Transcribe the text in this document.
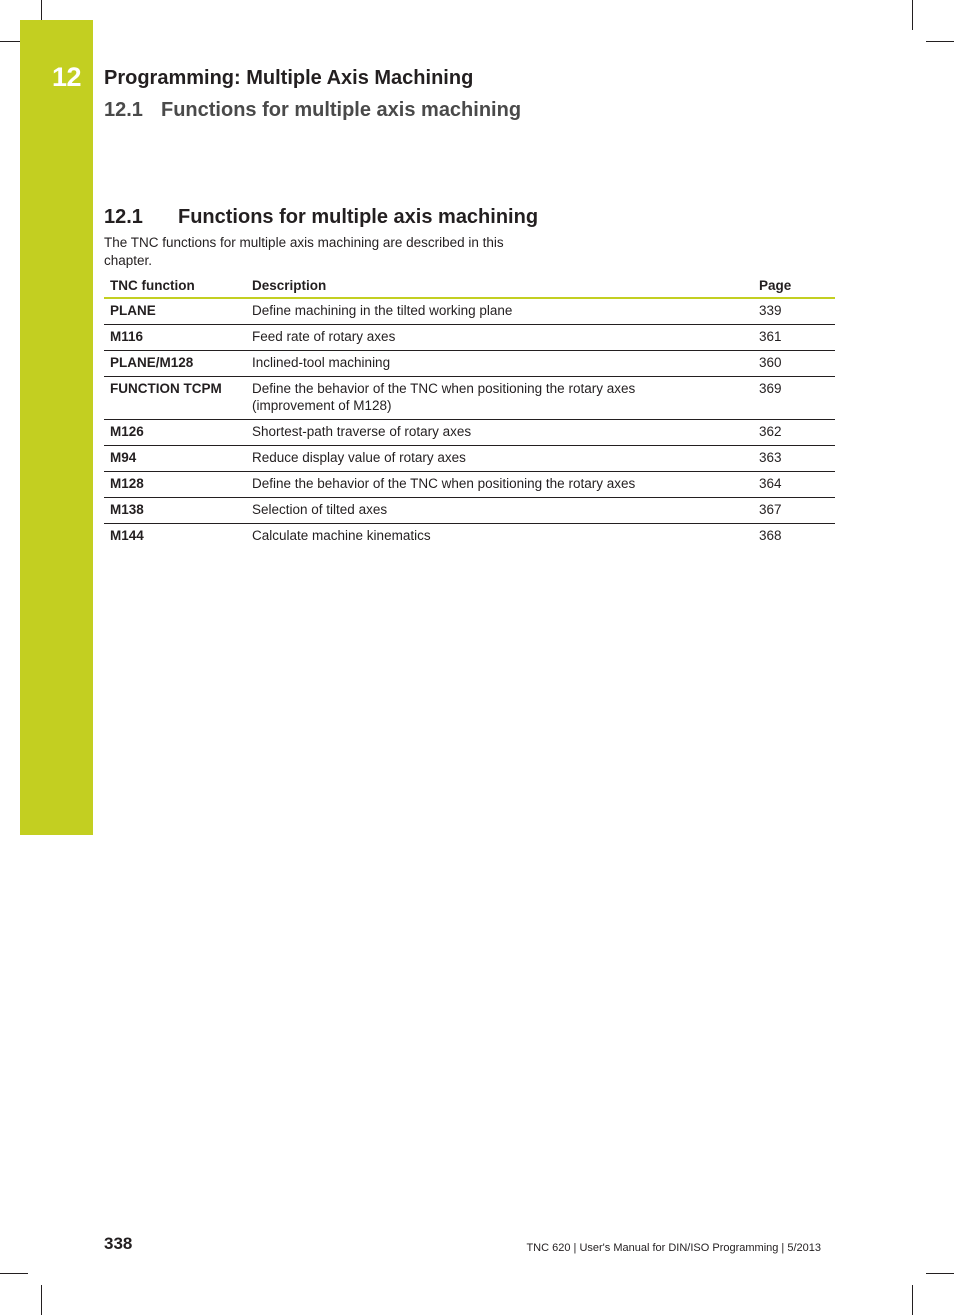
12 Programming: Multiple Axis Machining
12.1 Functions for multiple axis machining
12.1 Functions for multiple axis machining
The TNC functions for multiple axis machining are described in this chapter.
TNC function	Description	Page
PLANE	Define machining in the tilted working plane	339
M116	Feed rate of rotary axes	361
PLANE/M128	Inclined-tool machining	360
FUNCTION TCPM	Define the behavior of the TNC when positioning the rotary axes (improvement of M128)	369
M126	Shortest-path traverse of rotary axes	362
M94	Reduce display value of rotary axes	363
M128	Define the behavior of the TNC when positioning the rotary axes	364
M138	Selection of tilted axes	367
M144	Calculate machine kinematics	368
338	TNC 620 | User's Manual for DIN/ISO Programming | 5/2013
